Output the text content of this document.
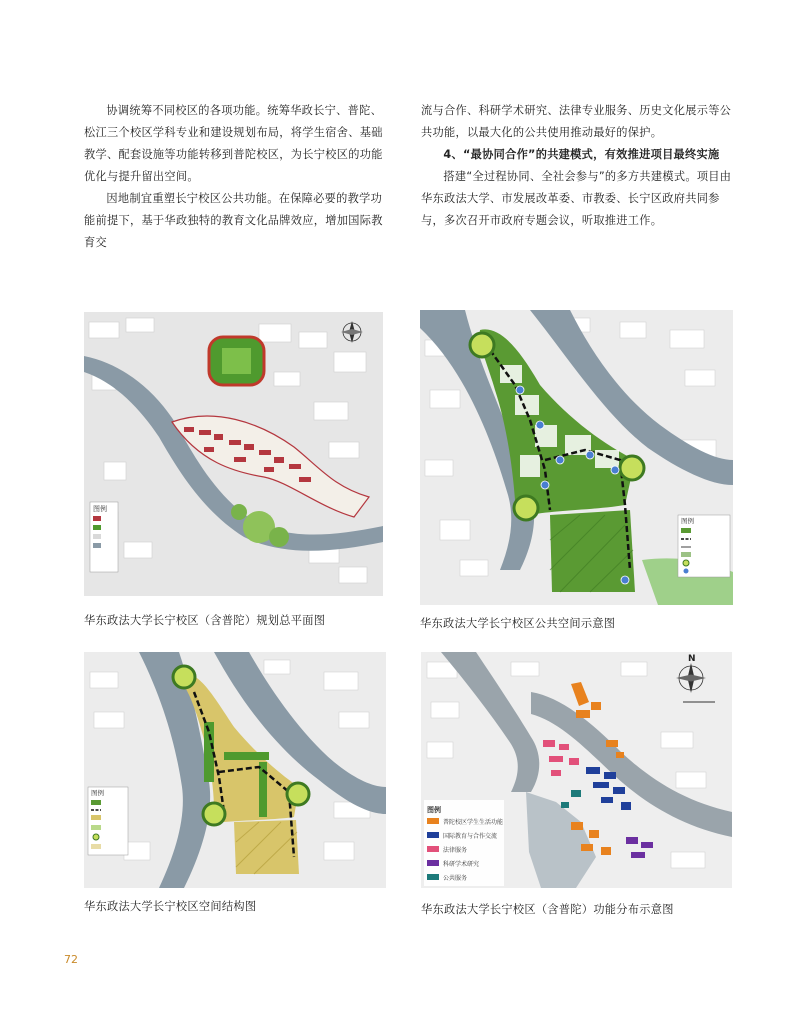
协调统筹不同校区的各项功能。统筹华政长宁、普陀、松江三个校区学科专业和建设规划布局，将学生宿舍、基础教学、配套设施等功能转移到普陀校区，为长宁校区的功能优化与提升留出空间。

因地制宜重塑长宁校区公共功能。在保障必要的教学功能前提下，基于华政独特的教育文化品牌效应，增加国际教育交

流与合作、科研学术研究、法律专业服务、历史文化展示等公共功能，以最大化的公共使用推动最好的保护。

4、“最协同合作”的共建模式，有效推进项目最终实施

搭建“全过程协同、全社会参与”的多方共建模式。项目由华东政法大学、市发展改革委、市教委、长宁区政府共同参与，多次召开市政府专题会议，听取推进工作。

图例
华东政法大学长宁校区（含普陀）规划总平面图
图例
华东政法大学长宁校区公共空间示意图
图例
华东政法大学长宁校区空间结构图
N
图例
普陀校区学生生活功能
国际教育与合作交流
法律服务
科研学术研究
公共服务
华东政法大学长宁校区（含普陀）功能分布示意图
72
